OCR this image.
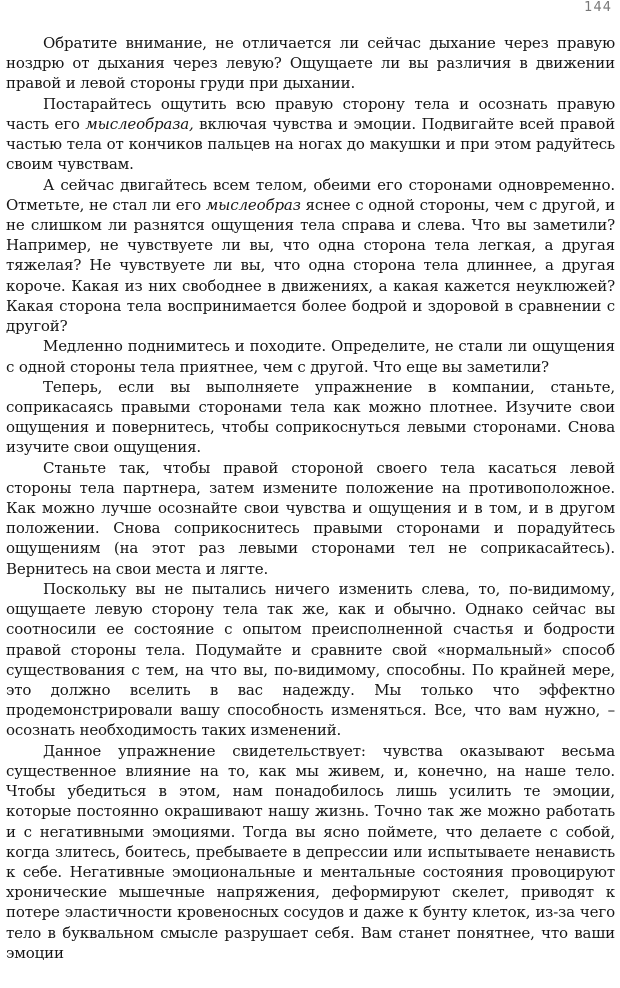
144

Обратите внимание, не отличается ли сейчас дыхание через правую ноздрю от дыхания через левую? Ощущаете ли вы различия в движении правой и левой стороны груди при дыхании.

Постарайтесь ощутить всю правую сторону тела и осознать правую часть его мыслеобраза, включая чувства и эмоции. Подвигайте всей правой частью тела от кончиков пальцев на ногах до макушки и при этом радуйтесь своим чувствам.

А сейчас двигайтесь всем телом, обеими его сторонами одновременно. Отметьте, не стал ли его мыслеобраз яснее с одной стороны, чем с другой, и не слишком ли разнятся ощущения тела справа и слева. Что вы заметили? Например, не чувствуете ли вы, что одна сторона тела легкая, а другая тяжелая? Не чувствуете ли вы, что одна сторона тела длиннее, а другая короче. Какая из них свободнее в движениях, а какая кажется неуклюжей? Какая сторона тела воспринимается более бодрой и здоровой в сравнении с другой?

Медленно поднимитесь и походите. Определите, не стали ли ощущения с одной стороны тела приятнее, чем с другой. Что еще вы заметили?

Теперь, если вы выполняете упражнение в компании, станьте, соприкасаясь правыми сторонами тела как можно плотнее. Изучите свои ощущения и повернитесь, чтобы соприкоснуться левыми сторонами. Снова изучите свои ощущения.

Станьте так, чтобы правой стороной своего тела касаться левой стороны тела партнера, затем измените положение на противоположное. Как можно лучше осознайте свои чувства и ощущения и в том, и в другом положении. Снова соприкоснитесь правыми сторонами и порадуйтесь ощущениям (на этот раз левыми сторонами тел не соприкасайтесь). Вернитесь на свои места и лягте.

Поскольку вы не пытались ничего изменить слева, то, по-видимому, ощущаете левую сторону тела так же, как и обычно. Однако сейчас вы соотносили ее состояние с опытом преисполненной счастья и бодрости правой стороны тела. Подумайте и сравните свой «нормальный» способ существования с тем, на что вы, по-видимому, способны. По крайней мере, это должно вселить в вас надежду. Мы только что эффектно продемонстрировали вашу способность изменяться. Все, что вам нужно, – осознать необходимость таких изменений.

Данное упражнение свидетельствует: чувства оказывают весьма существенное влияние на то, как мы живем, и, конечно, на наше тело. Чтобы убедиться в этом, нам понадобилось лишь усилить те эмоции, которые постоянно окрашивают нашу жизнь. Точно так же можно работать и с негативными эмоциями. Тогда вы ясно поймете, что делаете с собой, когда злитесь, боитесь, пребываете в депрессии или испытываете ненависть к себе. Негативные эмоциональные и ментальные состояния провоцируют хронические мышечные напряжения, деформируют скелет, приводят к потере эластичности кровеносных сосудов и даже к бунту клеток, из-за чего тело в буквальном смысле разрушает себя. Вам станет понятнее, что ваши эмоции
